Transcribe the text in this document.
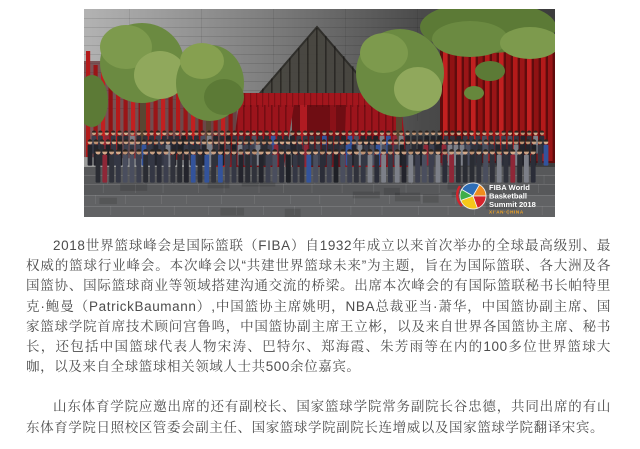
FIBA World
Basketball
Summit 2018
XI'AN·CHINA

2018世界篮球峰会是国际篮联（FIBA）自1932年成立以来首次举办的全球最高级别、最权威的篮球行业峰会。本次峰会以“共建世界篮球未来”为主题，旨在为国际篮联、各大洲及各国篮协、国际篮球商业等领域搭建沟通交流的桥梁。出席本次峰会的有国际篮联秘书长帕特里克·鲍曼（PatrickBaumann）,中国篮协主席姚明，NBA总裁亚当·萧华，中国篮协副主席、国家篮球学院首席技术顾问宫鲁鸣，中国篮协副主席王立彬，以及来自世界各国篮协主席、秘书长，还包括中国篮球代表人物宋涛、巴特尔、郑海霞、朱芳雨等在内的100多位世界篮球大咖，以及来自全球篮球相关领域人士共500余位嘉宾。

山东体育学院应邀出席的还有副校长、国家篮球学院常务副院长谷忠德，共同出席的有山东体育学院日照校区管委会副主任、国家篮球学院副院长连增威以及国家篮球学院翻译宋宾。
